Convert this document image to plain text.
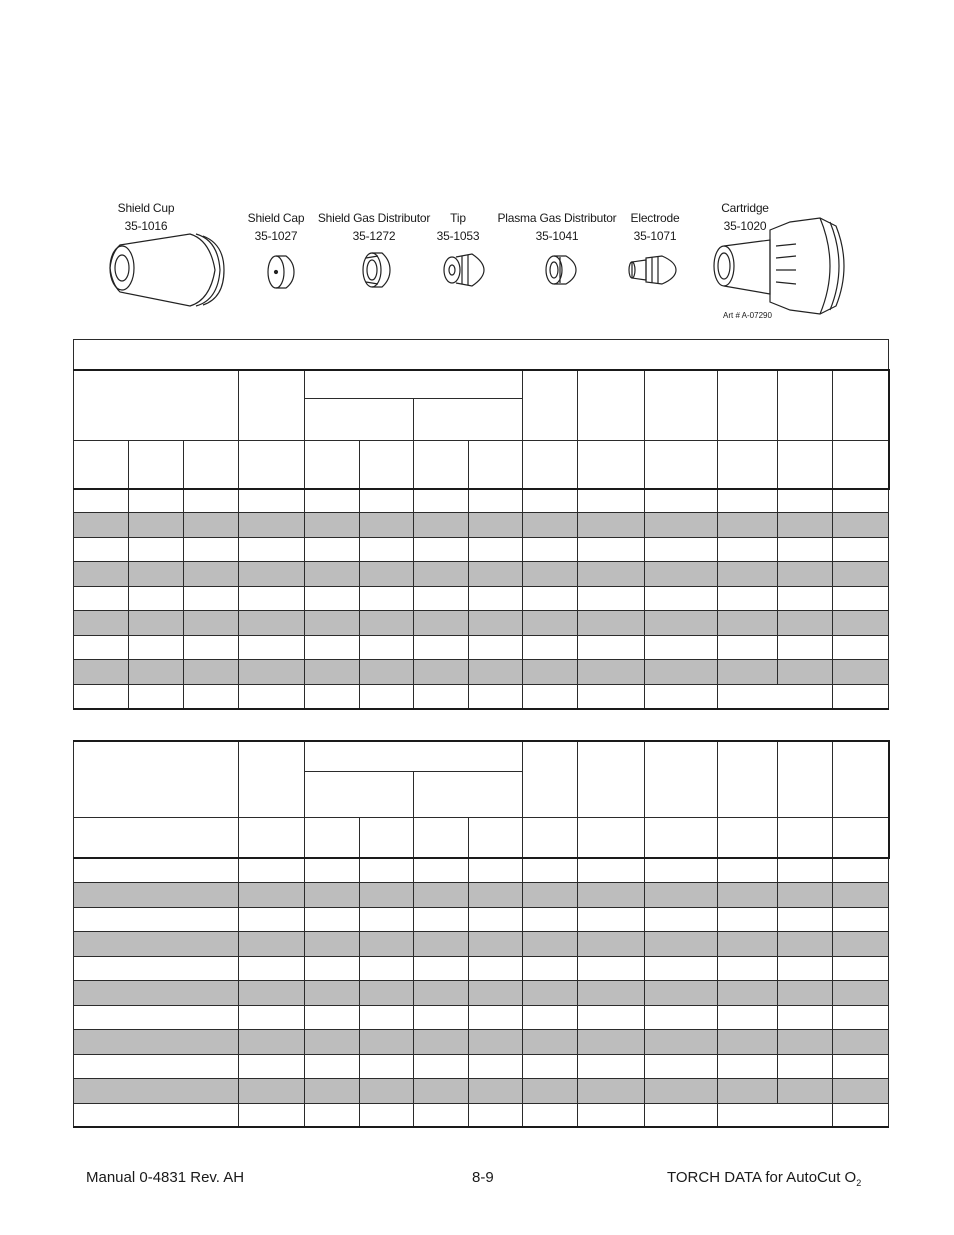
Shield Cup
35-1016
Shield Cap
35-1027
Shield Gas Distributor
35-1272
Tip
35-1053
Plasma Gas Distributor
35-1041
Electrode
35-1071
Cartridge
35-1020
Art # A-07290

Manual 0-4831 Rev. AH	8-9	TORCH DATA for AutoCut $O_2$
